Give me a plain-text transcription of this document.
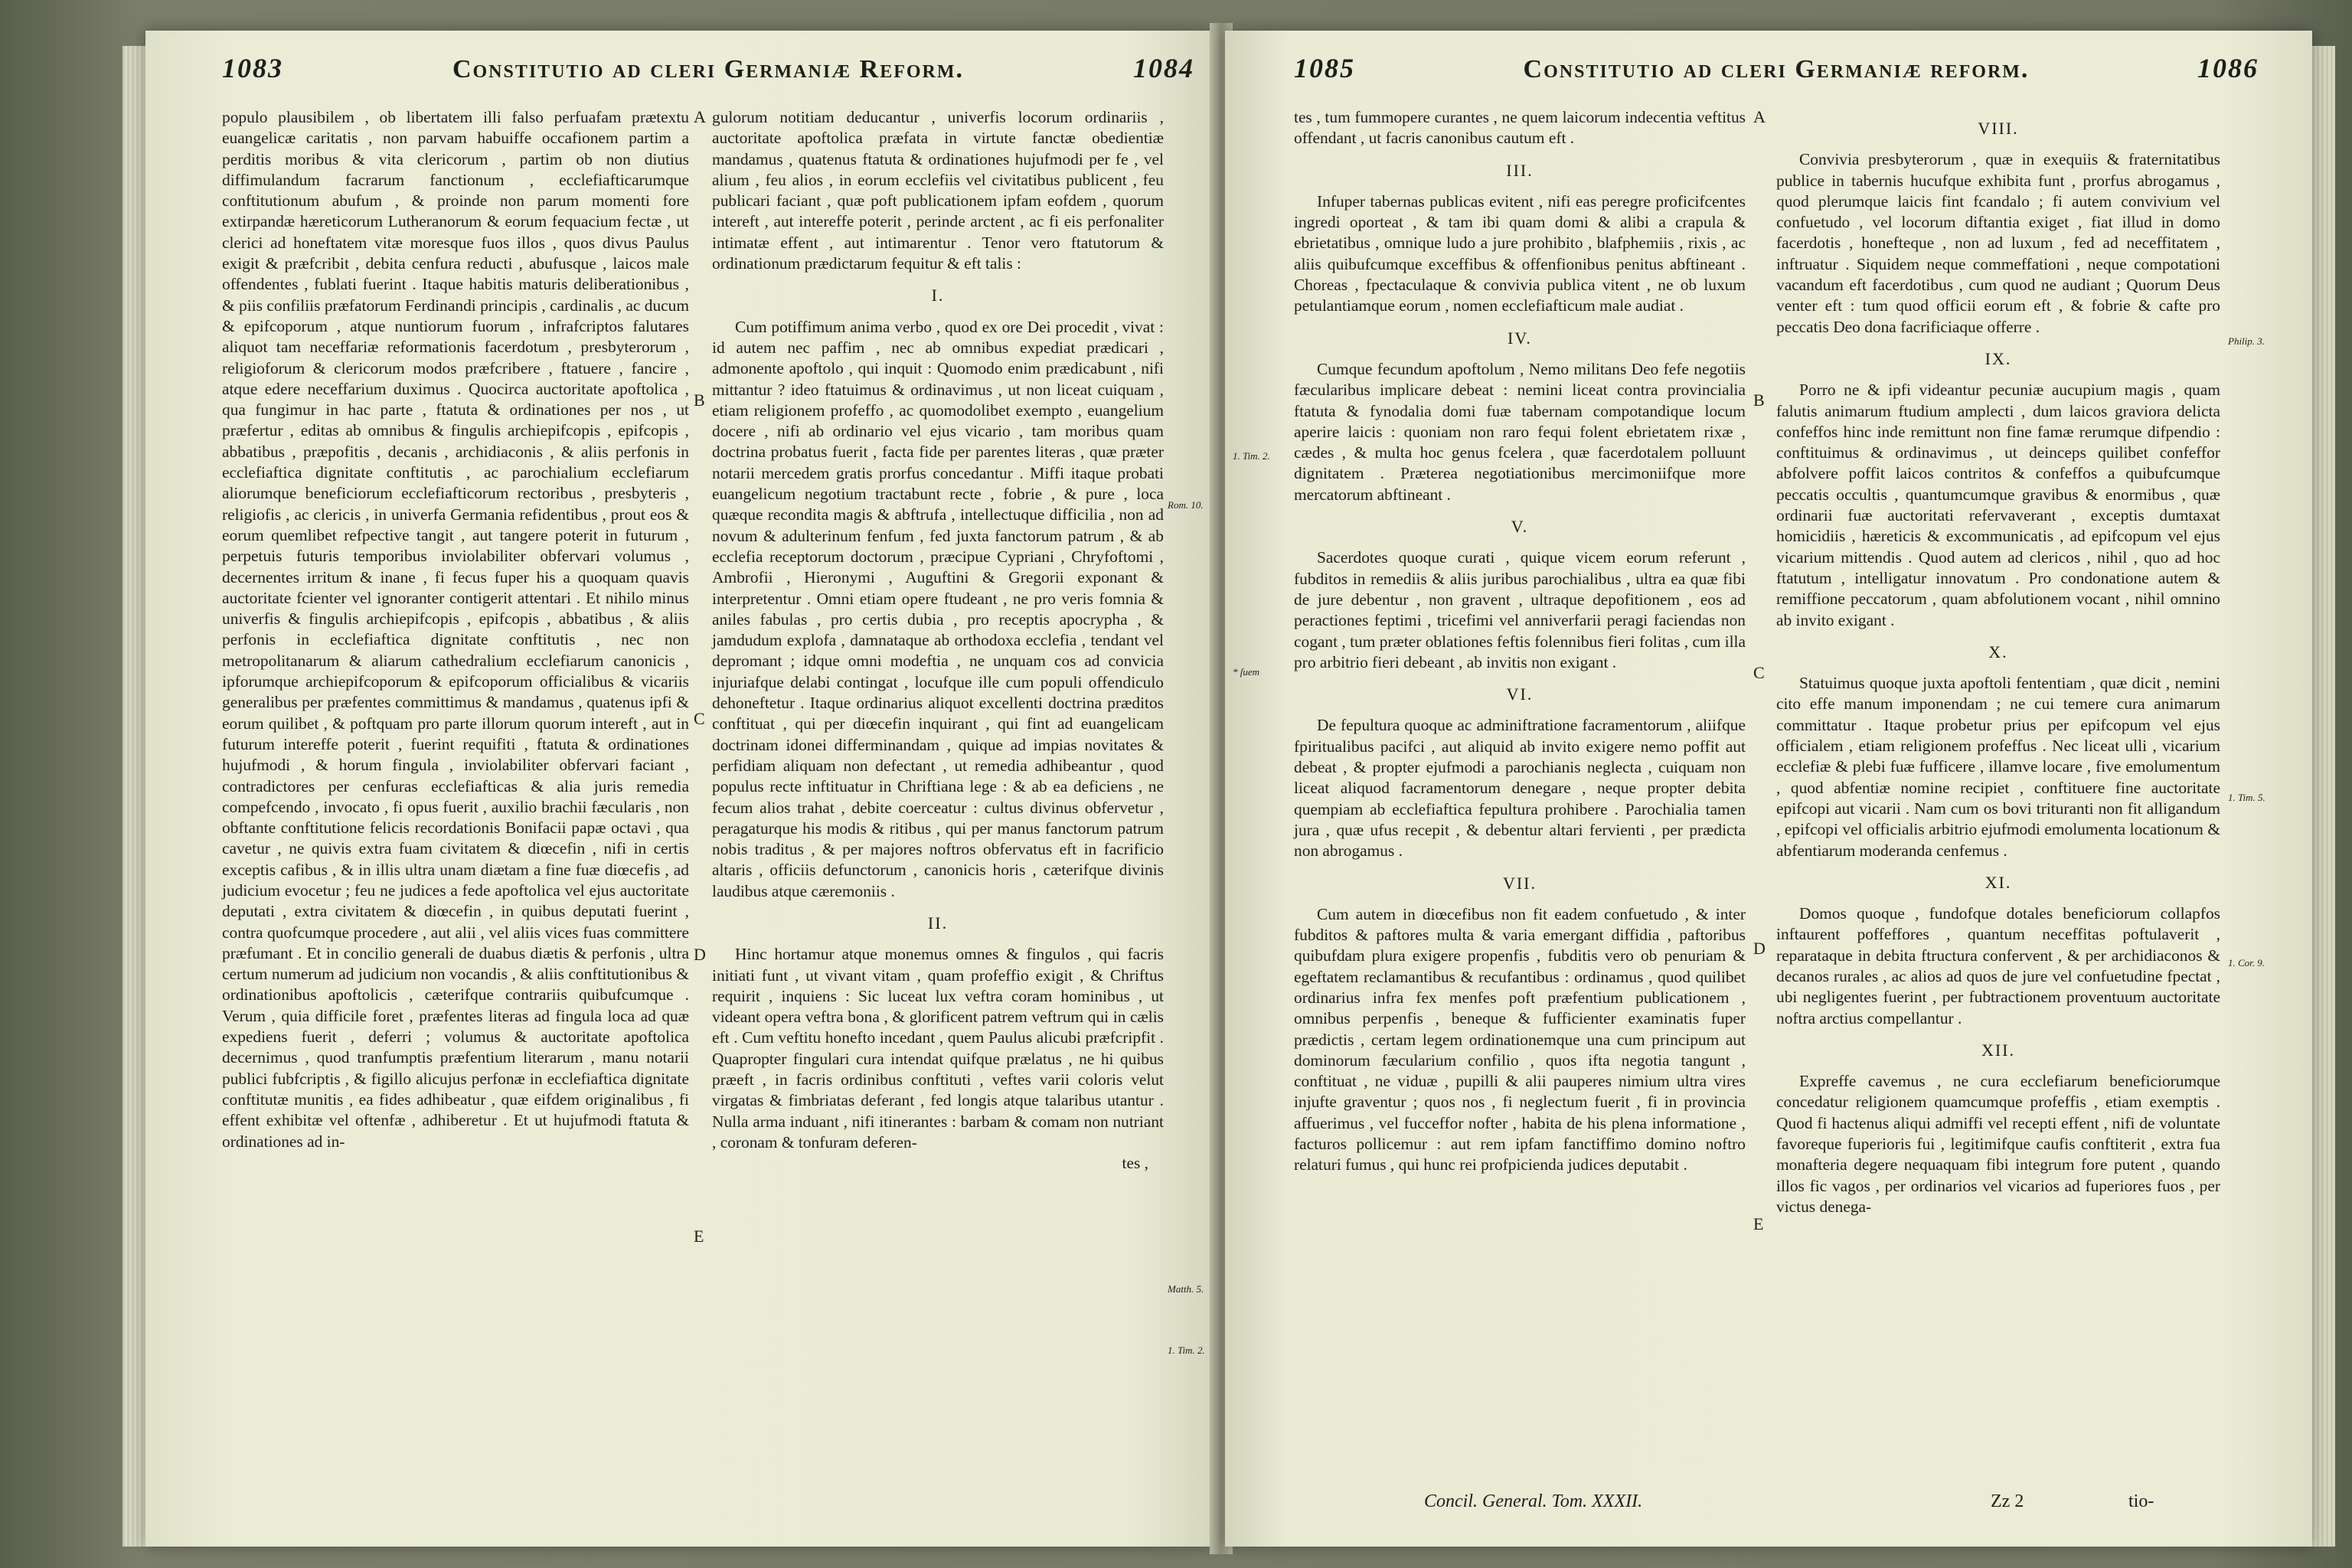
1083	Constitutio ad cleri Germaniæ Reform.	1084

populo plausibilem , ob libertatem illi falso perfuafam prætextu euangelicæ caritatis , non parvam habuiffe occafionem partim a perditis moribus & vita clericorum , partim ob non diutius diffimulandum facrarum fanctionum , ecclefiafticarumque conftitutionum abufum , & proinde non parum momenti fore extirpandæ hæreticorum Lutheranorum & eorum fequacium fectæ , ut clerici ad honeftatem vitæ moresque fuos illos , quos divus Paulus exigit & præfcribit , debita cenfura reducti , abufusque , laicos male offendentes , fublati fuerint . Itaque habitis maturis deliberationibus , & piis confiliis præfatorum Ferdinandi principis , cardinalis , ac ducum & epifcoporum , atque nuntiorum fuorum , infrafcriptos falutares aliquot tam neceffariæ reformationis facerdotum , presbyterorum , religioforum & clericorum modos præfcribere , ftatuere , fancire , atque edere neceffarium duximus . Quocirca auctoritate apoftolica , qua fungimur in hac parte , ftatuta & ordinationes per nos , ut præfertur , editas ab omnibus & fingulis archiepifcopis , epifcopis , abbatibus , præpofitis , decanis , archidiaconis , & aliis perfonis in ecclefiaftica dignitate conftitutis , ac parochialium ecclefiarum aliorumque beneficiorum ecclefiafticorum rectoribus , presbyteris , religiofis , ac clericis , in univerfa Germania refidentibus , prout eos & eorum quemlibet refpective tangit , aut tangere poterit in futurum , perpetuis futuris temporibus inviolabiliter obfervari volumus , decernentes irritum & inane , fi fecus fuper his a quoquam quavis auctoritate fcienter vel ignoranter contigerit attentari . Et nihilo minus univerfis & fingulis archiepifcopis , epifcopis , abbatibus , & aliis perfonis in ecclefiaftica dignitate conftitutis , nec non metropolitanarum & aliarum cathedralium ecclefiarum canonicis , ipforumque archiepifcoporum & epifcoporum officialibus & vicariis generalibus per præfentes committimus & mandamus , quatenus ipfi & eorum quilibet , & poftquam pro parte illorum quorum intereft , aut in futurum intereffe poterit , fuerint requifiti , ftatuta & ordinationes hujufmodi , & horum fingula , inviolabiliter obfervari faciant , contradictores per cenfuras ecclefiafticas & alia juris remedia compefcendo , invocato , fi opus fuerit , auxilio brachii fæcularis , non obftante conftitutione felicis recordationis Bonifacii papæ octavi , qua cavetur , ne quivis extra fuam civitatem & diœcefin , nifi in certis exceptis cafibus , & in illis ultra unam diætam a fine fuæ diœcefis , ad judicium evocetur ; feu ne judices a fede apoftolica vel ejus auctoritate deputati , extra civitatem & diœcefin , in quibus deputati fuerint , contra quofcumque procedere , aut alii , vel aliis vices fuas committere præfumant . Et in concilio generali de duabus diætis & perfonis , ultra certum numerum ad judicium non vocandis , & aliis conftitutionibus & ordinationibus apoftolicis , cæterifque contrariis quibufcumque . Verum , quia difficile foret , præfentes literas ad fingula loca ad quæ expediens fuerit , deferri ; volumus & auctoritate apoftolica decernimus , quod tranfumptis præfentium literarum , manu notarii publici fubfcriptis , & figillo alicujus perfonæ in ecclefiaftica dignitate conftitutæ munitis , ea fides adhibeatur , quæ eifdem originalibus , fi effent exhibitæ vel oftenfæ , adhiberetur . Et ut hujufmodi ftatuta & ordinationes ad in-

A
B
C
D
E

gulorum notitiam deducantur , univerfis locorum ordinariis , auctoritate apoftolica præfata in virtute fanctæ obedientiæ mandamus , quatenus ftatuta & ordinationes hujufmodi per fe , vel alium , feu alios , in eorum ecclefiis vel civitatibus publicent , feu publicari faciant , quæ poft publicationem ipfam eofdem , quorum intereft , aut intereffe poterit , perinde arctent , ac fi eis perfonaliter intimatæ effent , aut intimarentur . Tenor vero ftatutorum & ordinationum prædictarum fequitur & eft talis :

I.

Cum potiffimum anima verbo , quod ex ore Dei procedit , vivat : id autem nec paffim , nec ab omnibus expediat prædicari , admonente apoftolo , qui inquit : Quomodo enim prædicabunt , nifi mittantur ? ideo ftatuimus & ordinavimus , ut non liceat cuiquam , etiam religionem profeffo , ac quomodolibet exempto , euangelium docere , nifi ab ordinario vel ejus vicario , tam moribus quam doctrina probatus fuerit , facta fide per parentes literas , quæ præter notarii mercedem gratis prorfus concedantur . Miffi itaque probati euangelicum negotium tractabunt recte , fobrie , & pure , loca quæque recondita magis & abftrufa , intellectuque difficilia , non ad novum & adulterinum fenfum , fed juxta fanctorum patrum , & ab ecclefia receptorum doctorum , præcipue Cypriani , Chryfoftomi , Ambrofii , Hieronymi , Auguftini & Gregorii exponant & interpretentur . Omni etiam opere ftudeant , ne pro veris fomnia & aniles fabulas , pro certis dubia , pro receptis apocrypha , & jamdudum explofa , damnataque ab orthodoxa ecclefia , tendant vel depromant ; idque omni modeftia , ne unquam cos ad convicia injuriafque delabi contingat , locufque ille cum populi offendiculo dehoneftetur . Itaque ordinarius aliquot excellenti doctrina præditos conftituat , qui per diœcefin inquirant , qui fint ad euangelicam doctrinam idonei differminandam , quique ad impias novitates & perfidiam aliquam non defectant , ut remedia adhibeantur , quod populus recte inftituatur in Chriftiana lege : & ab ea deficiens , ne fecum alios trahat , debite coerceatur : cultus divinus obfervetur , peragaturque his modis & ritibus , qui per manus fanctorum patrum nobis traditus , & per majores noftros obfervatus eft in facrificio altaris , officiis defunctorum , canonicis horis , cæterifque divinis laudibus atque cæremoniis .

II.

Hinc hortamur atque monemus omnes & fingulos , qui facris initiati funt , ut vivant vitam , quam profeffio exigit , & Chriftus requirit , inquiens : Sic luceat lux veftra coram hominibus , ut videant opera veftra bona , & glorificent patrem veftrum qui in cælis eft . Cum veftitu honefto incedant , quem Paulus alicubi præfcripfit . Quapropter fingulari cura intendat quifque prælatus , ne hi quibus præeft , in facris ordinibus conftituti , veftes varii coloris velut virgatas & fimbriatas deferant , fed longis atque talaribus utantur . Nulla arma induant , nifi itinerantes : barbam & comam non nutriant , coronam & tonfuram deferen-

tes ,
Rom. 10.
Matth. 5.
1. Tim. 2.
1085	Constitutio ad cleri Germaniæ reform.	1086

tes , tum fummopere curantes , ne quem laicorum indecentia veftitus offendant , ut facris canonibus cautum eft .

III.

Infuper tabernas publicas evitent , nifi eas peregre proficifcentes ingredi oporteat , & tam ibi quam domi & alibi a crapula & ebrietatibus , omnique ludo a jure prohibito , blafphemiis , rixis , ac aliis quibufcumque exceffibus & offenfionibus penitus abftineant . Choreas , fpectaculaque & convivia publica vitent , ne ob luxum petulantiamque eorum , nomen ecclefiafticum male audiat .

IV.

Cumque fecundum apoftolum , Nemo militans Deo fefe negotiis fæcularibus implicare debeat : nemini liceat contra provincialia ftatuta & fynodalia domi fuæ tabernam compotandique locum aperire laicis : quoniam non raro fequi folent ebrietatem rixæ , cædes , & multa hoc genus fcelera , quæ facerdotalem polluunt dignitatem . Præterea negotiationibus mercimoniifque more mercatorum abftineant .

V.

Sacerdotes quoque curati , quique vicem eorum referunt , fubditos in remediis & aliis juribus parochialibus , ultra ea quæ fibi de jure debentur , non gravent , ultraque depofitionem , eos ad peractiones feptimi , tricefimi vel anniverfarii peragi faciendas non cogant , tum præter oblationes feftis folennibus fieri folitas , cum illa pro arbitrio fieri debeant , ab invitis non exigant .

VI.

De fepultura quoque ac adminiftratione facramentorum , aliifque fpiritualibus pacifci , aut aliquid ab invito exigere nemo poffit aut debeat , & propter ejufmodi a parochianis neglecta , cuiquam non liceat aliquod facramentorum denegare , neque propter debita quempiam ab ecclefiaftica fepultura prohibere . Parochialia tamen jura , quæ ufus recepit , & debentur altari fervienti , per prædicta non abrogamus .

VII.

Cum autem in diœcefibus non fit eadem confuetudo , & inter fubditos & paftores multa & varia emergant diffidia , paftoribus quibufdam plura exigere propenfis , fubditis vero ob penuriam & egeftatem reclamantibus & recufantibus : ordinamus , quod quilibet ordinarius infra fex menfes poft præfentium publicationem , omnibus perpenfis , beneque & fufficienter examinatis fuper prædictis , certam legem ordinationemque una cum principum aut dominorum fæcularium confilio , quos ifta negotia tangunt , conftituat , ne viduæ , pupilli & alii pauperes nimium ultra vires injufte graventur ; quos nos , fi neglectum fuerit , fi in provincia affuerimus , vel fucceffor nofter , habita de his plena informatione , facturos pollicemur : aut rem ipfam fanctiffimo domino noftro relaturi fumus , qui hunc rei profpicienda judices deputabit .

A
B
C
D
E
VIII.

Convivia presbyterorum , quæ in exequiis & fraternitatibus publice in tabernis hucufque exhibita funt , prorfus abrogamus , quod plerumque laicis fint fcandalo ; fi autem convivium vel confuetudo , vel locorum diftantia exiget , fiat illud in domo facerdotis , honefteque , non ad luxum , fed ad neceffitatem , inftruatur . Siquidem neque commeffationi , neque compotationi vacandum eft facerdotibus , cum quod ne audiant ; Quorum Deus venter eft : tum quod officii eorum eft , & fobrie & cafte pro peccatis Deo dona facrificiaque offerre .

IX.

Porro ne & ipfi videantur pecuniæ aucupium magis , quam falutis animarum ftudium amplecti , dum laicos graviora delicta confeffos hinc inde remittunt non fine famæ rerumque difpendio : conftituimus & ordinavimus , ut deinceps quilibet confeffor abfolvere poffit laicos contritos & confeffos a quibufcumque peccatis occultis , quantumcumque gravibus & enormibus , quæ ordinarii fuæ auctoritati refervaverant , exceptis dumtaxat homicidiis , hæreticis & excommunicatis , ad epifcopum vel ejus vicarium mittendis . Quod autem ad clericos , nihil , quo ad hoc ftatutum , intelligatur innovatum . Pro condonatione autem & remiffione peccatorum , quam abfolutionem vocant , nihil omnino ab invito exigant .

X.

Statuimus quoque juxta apoftoli fententiam , quæ dicit , nemini cito effe manum imponendam ; ne cui temere cura animarum committatur . Itaque probetur prius per epifcopum vel ejus officialem , etiam religionem profeffus . Nec liceat ulli , vicarium ecclefiæ & plebi fuæ fufficere , illamve locare , five emolumentum , quod abfentiæ nomine recipiet , conftituere fine auctoritate epifcopi aut vicarii . Nam cum os bovi trituranti non fit alligandum , epifcopi vel officialis arbitrio ejufmodi emolumenta locationum & abfentiarum moderanda cenfemus .

XI.

Domos quoque , fundofque dotales beneficiorum collapfos inftaurent poffeffores , quantum neceffitas poftulaverit , reparataque in debita ftructura confervent , & per archidiaconos & decanos rurales , ac alios ad quos de jure vel confuetudine fpectat , ubi negligentes fuerint , per fubtractionem proventuum auctoritate noftra arctius compellantur .

XII.

Expreffe cavemus , ne cura ecclefiarum beneficiorumque concedatur religionem quamcumque profeffis , etiam exemptis . Quod fi hactenus aliqui admiffi vel recepti effent , nifi de voluntate favoreque fuperioris fui , legitimifque caufis conftiterit , extra fua monafteria degere nequaquam fibi integrum fore putent , quando illos fic vagos , per ordinarios vel vicarios ad fuperiores fuos , per victus denega-

1. Tim. 2.
* ſuem
Philip. 3.
1. Tim. 5.
1. Cor. 9.
Concil. General. Tom. XXXII.	Zz 2	tio-
